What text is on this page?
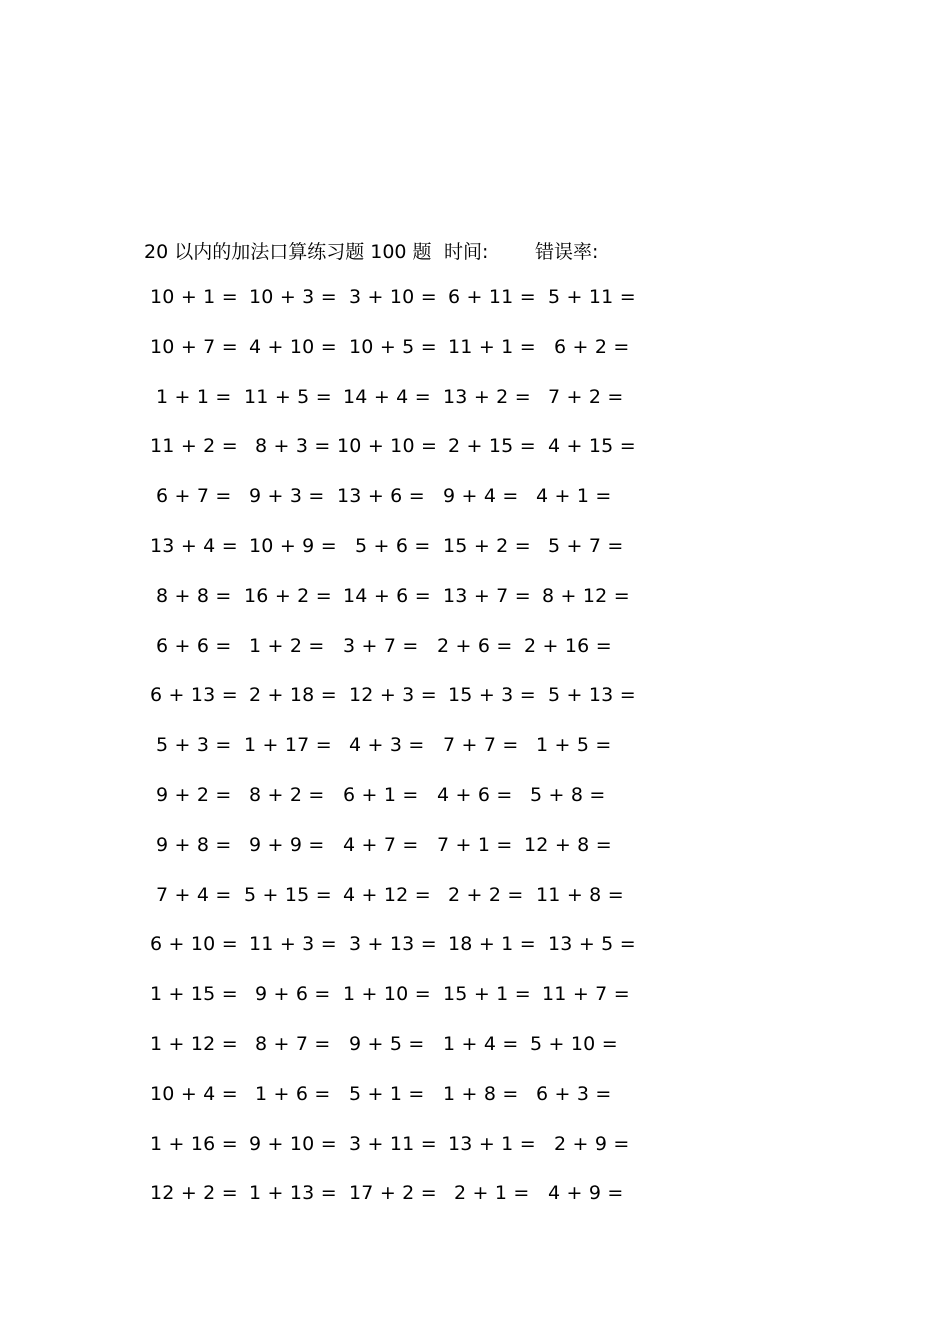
20 以内的加法口算练习题 100 题 时间: 错误率:
10 + 1 = 10 + 3 = 3 + 10 = 6 + 11 = 5 + 11 =
10 + 7 = 4 + 10 = 10 + 5 = 11 + 1 = 6 + 2 =
1 + 1 = 11 + 5 = 14 + 4 = 13 + 2 = 7 + 2 =
11 + 2 = 8 + 3 = 10 + 10 = 2 + 15 = 4 + 15 =
6 + 7 = 9 + 3 = 13 + 6 = 9 + 4 = 4 + 1 =
13 + 4 = 10 + 9 = 5 + 6 = 15 + 2 = 5 + 7 =
8 + 8 = 16 + 2 = 14 + 6 = 13 + 7 = 8 + 12 =
6 + 6 = 1 + 2 = 3 + 7 = 2 + 6 = 2 + 16 =
6 + 13 = 2 + 18 = 12 + 3 = 15 + 3 = 5 + 13 =
5 + 3 = 1 + 17 = 4 + 3 = 7 + 7 = 1 + 5 =
9 + 2 = 8 + 2 = 6 + 1 = 4 + 6 = 5 + 8 =
9 + 8 = 9 + 9 = 4 + 7 = 7 + 1 = 12 + 8 =
7 + 4 = 5 + 15 = 4 + 12 = 2 + 2 = 11 + 8 =
6 + 10 = 11 + 3 = 3 + 13 = 18 + 1 = 13 + 5 =
1 + 15 = 9 + 6 = 1 + 10 = 15 + 1 = 11 + 7 =
1 + 12 = 8 + 7 = 9 + 5 = 1 + 4 = 5 + 10 =
10 + 4 = 1 + 6 = 5 + 1 = 1 + 8 = 6 + 3 =
1 + 16 = 9 + 10 = 3 + 11 = 13 + 1 = 2 + 9 =
12 + 2 = 1 + 13 = 17 + 2 = 2 + 1 = 4 + 9 =
